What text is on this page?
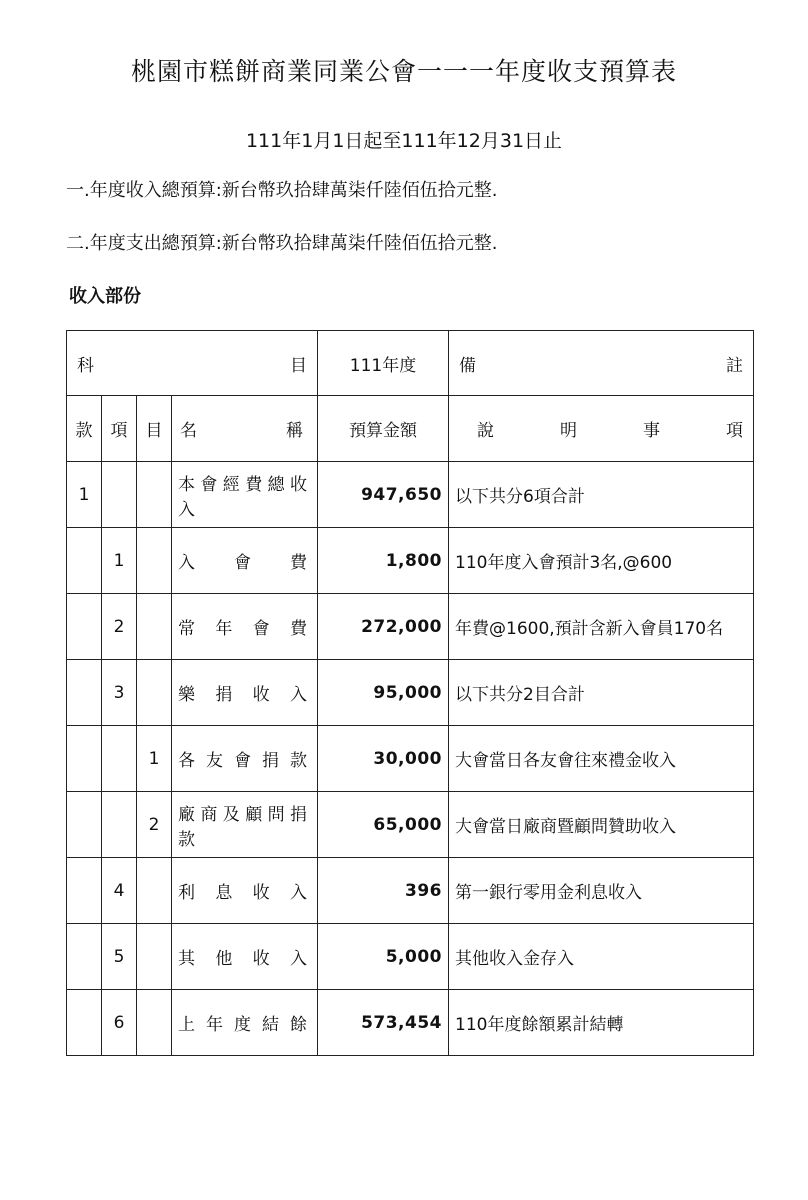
桃園市糕餅商業同業公會一一一年度收支預算表
111年1月1日起至111年12月31日止
一.年度收入總預算:新台幣玖拾肆萬柒仟陸佰伍拾元整.
二.年度支出總預算:新台幣玖拾肆萬柒仟陸佰伍拾元整.
收入部份
科 目				111年度	備 註

款	項	目	名 稱	預算金額	說 明 事 項

1			本會經費總收入	947,650	以下共分6項合計
	1		入會費	1,800	110年度入會預計3名,@600
	2		常年會費	272,000	年費@1600,預計含新入會員170名
	3		樂捐收入	95,000	以下共分2目合計
		1	各友會捐款	30,000	大會當日各友會往來禮金收入
		2	廠商及顧問捐款	65,000	大會當日廠商暨顧問贊助收入
	4		利息收入	396	第一銀行零用金利息收入
	5		其他收入	5,000	其他收入金存入
	6		上年度結餘	573,454	110年度餘額累計結轉
